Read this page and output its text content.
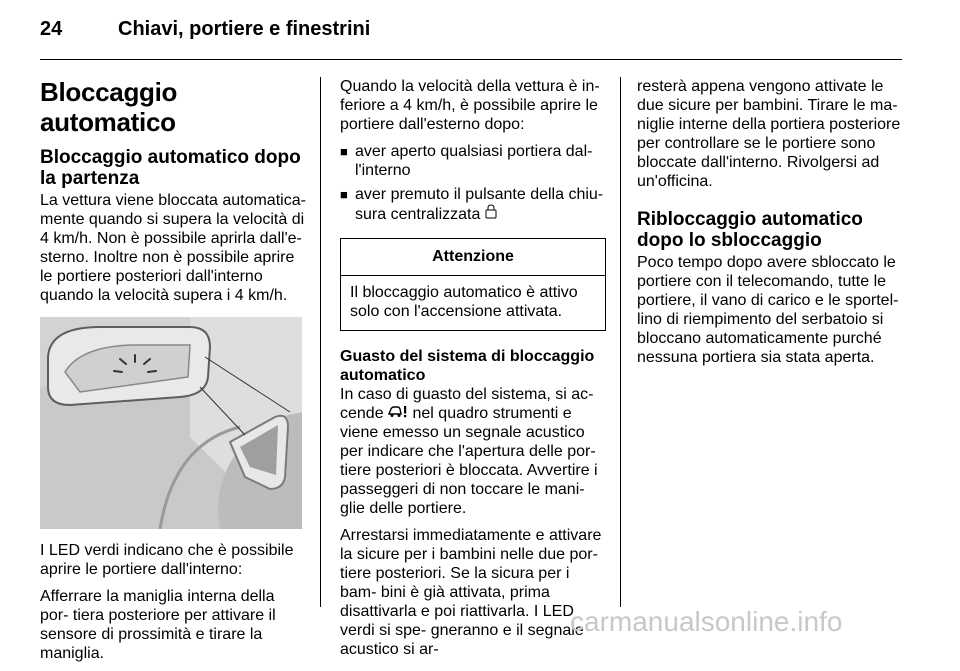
24	Chiavi, portiere e finestrini
Bloccaggio automatico
Bloccaggio automatico dopo la partenza

La vettura viene bloccata automatica- mente quando si supera la velocità di 4 km/h. Non è possibile aprirla dall'e- sterno. Inoltre non è possibile aprire le portiere posteriori dall'interno quando la velocità supera i 4 km/h.

I LED verdi indicano che è possibile aprire le portiere dall'interno:

Afferrare la maniglia interna della por- tiera posteriore per attivare il sensore di prossimità e tirare la maniglia.

Quando la velocità della vettura è in- feriore a 4 km/h, è possibile aprire le portiere dall'esterno dopo:

■ aver aperto qualsiasi portiera dal- l'interno
■ aver premuto il pulsante della chiu- sura centralizzata
Attenzione
Il bloccaggio automatico è attivo solo con l'accensione attivata.
Guasto del sistema di bloccaggio automatico

In caso di guasto del sistema, si ac- cende nel quadro strumenti e viene emesso un segnale acustico per indicare che l'apertura delle por- tiere posteriori è bloccata. Avvertire i passeggeri di non toccare le mani- glie delle portiere.

Arrestarsi immediatamente e attivare la sicure per i bambini nelle due por- tiere posteriori. Se la sicura per i bam- bini è già attivata, prima disattivarla e poi riattivarla. I LED verdi si spe- gneranno e il segnale acustico si ar-

resterà appena vengono attivate le due sicure per bambini. Tirare le ma- niglie interne della portiera posteriore per controllare se le portiere sono bloccate dall'interno. Rivolgersi ad un'officina.

Ribloccaggio automatico dopo lo sbloccaggio

Poco tempo dopo avere sbloccato le portiere con il telecomando, tutte le portiere, il vano di carico e le sportel- lino di riempimento del serbatoio si bloccano automaticamente purché nessuna portiera sia stata aperta.

carmanualsonline.info
